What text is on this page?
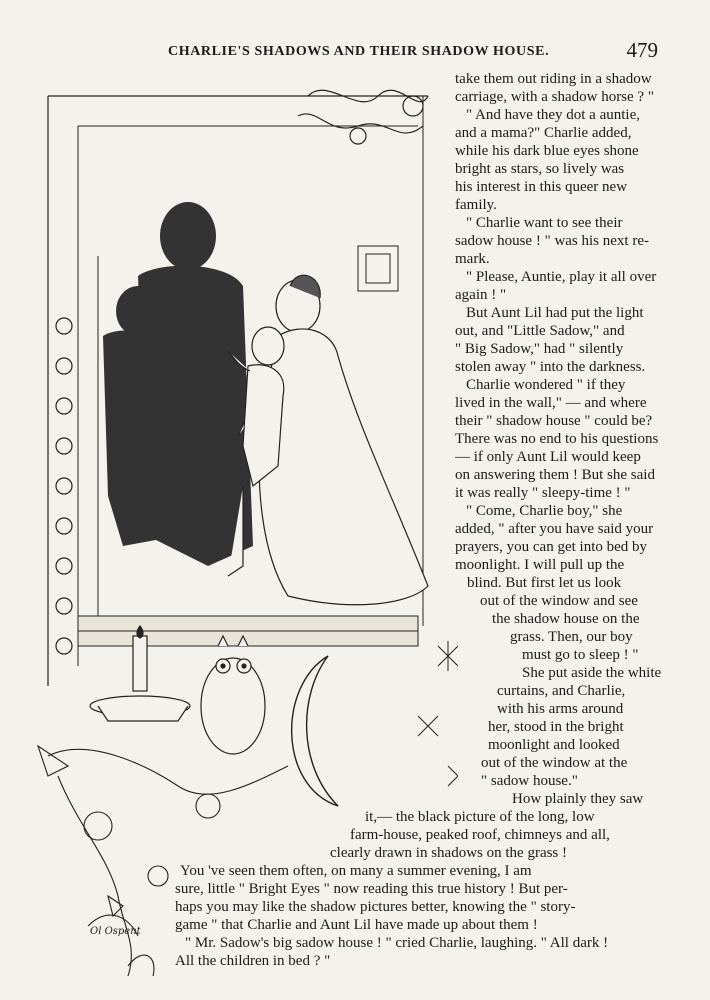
CHARLIE'S SHADOWS AND THEIR SHADOW HOUSE.	479
Ol Ospent
take them out riding in a shadow
carriage, with a shadow horse ? "
" And have they dot a auntie,
and a mama?" Charlie added,
while his dark blue eyes shone
bright as stars, so lively was
his interest in this queer new
family.
" Charlie want to see their
sadow house ! " was his next re-
mark.
" Please, Auntie, play it all over
again ! "
But Aunt Lil had put the light
out, and "Little Sadow," and
" Big Sadow," had " silently
stolen away " into the darkness.
Charlie wondered " if they
lived in the wall," — and where
their " shadow house " could be?
There was no end to his questions
— if only Aunt Lil would keep
on answering them ! But she said
it was really " sleepy-time ! "
" Come, Charlie boy," she
added, " after you have said your
prayers, you can get into bed by
moonlight. I will pull up the
blind. But first let us look
out of the window and see
the shadow house on the
grass. Then, our boy
must go to sleep ! "
She put aside the white
curtains, and Charlie,
with his arms around
her, stood in the bright
moonlight and looked
out of the window at the
" sadow house."
How plainly they saw
it,— the black picture of the long, low
farm-house, peaked roof, chimneys and all,
clearly drawn in shadows on the grass !
You 've seen them often, on many a summer evening, I am
sure, little " Bright Eyes " now reading this true history ! But per-
haps you may like the shadow pictures better, knowing the " story-
game " that Charlie and Aunt Lil have made up about them !
" Mr. Sadow's big sadow house ! " cried Charlie, laughing. " All dark !
All the children in bed ? "
